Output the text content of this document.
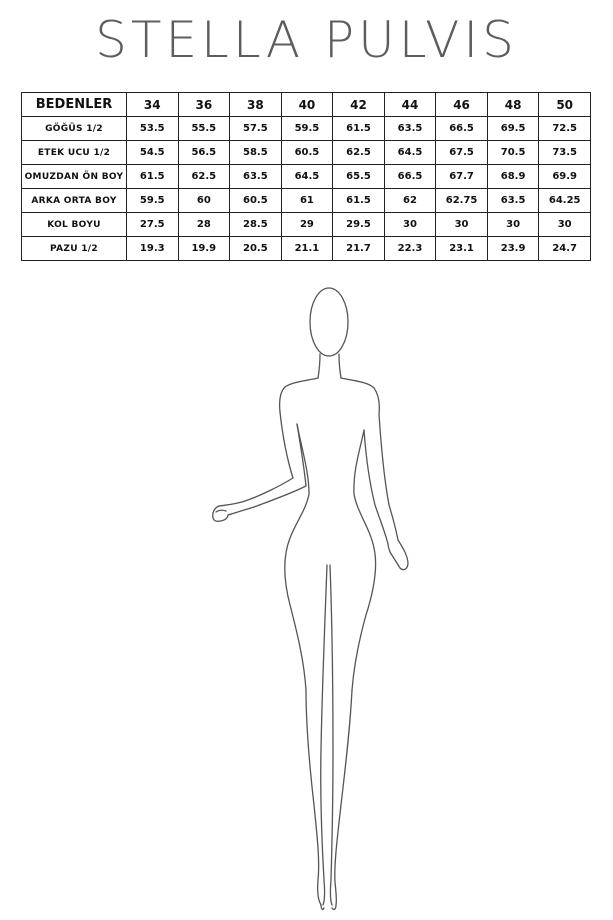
STELLA PULVIS
BEDENLER	34	36	38	40	42	44	46	48	50
GÖĞÜS 1/2	53.5	55.5	57.5	59.5	61.5	63.5	66.5	69.5	72.5
ETEK UCU 1/2	54.5	56.5	58.5	60.5	62.5	64.5	67.5	70.5	73.5
OMUZDAN ÖN BOY	61.5	62.5	63.5	64.5	65.5	66.5	67.7	68.9	69.9
ARKA ORTA BOY	59.5	60	60.5	61	61.5	62	62.75	63.5	64.25
KOL BOYU	27.5	28	28.5	29	29.5	30	30	30	30
PAZU 1/2	19.3	19.9	20.5	21.1	21.7	22.3	23.1	23.9	24.7
